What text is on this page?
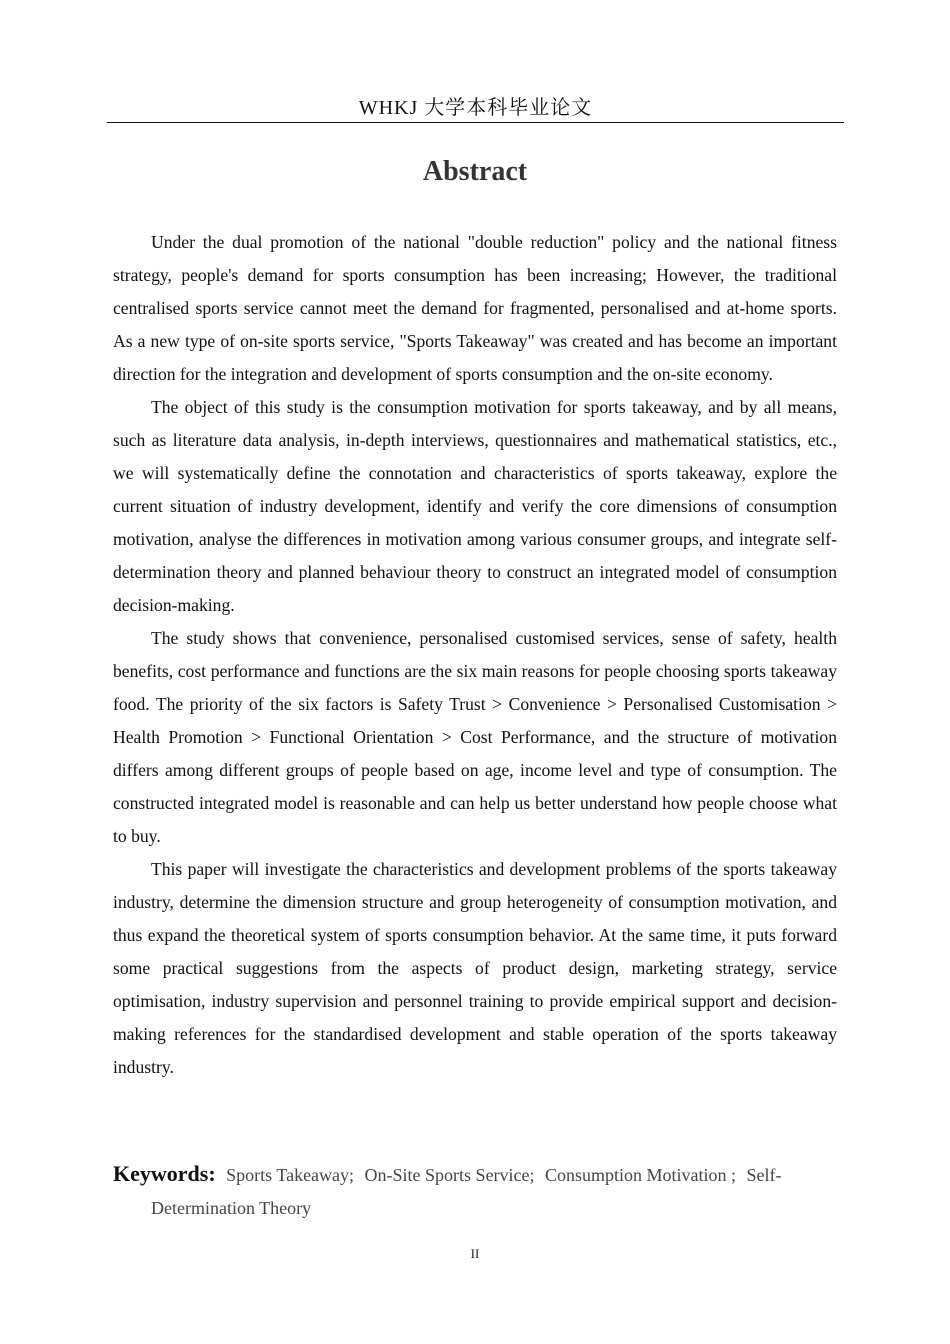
WHKJ 大学本科毕业论文
Abstract

Under the dual promotion of the national "double reduction" policy and the national fitness strategy, people's demand for sports consumption has been increasing; However, the traditional centralised sports service cannot meet the demand for fragmented, personalised and at-home sports. As a new type of on-site sports service, "Sports Takeaway" was created and has become an important direction for the integration and development of sports consumption and the on-site economy.

The object of this study is the consumption motivation for sports takeaway, and by all means, such as literature data analysis, in-depth interviews, questionnaires and mathematical statistics, etc., we will systematically define the connotation and characteristics of sports takeaway, explore the current situation of industry development, identify and verify the core dimensions of consumption motivation, analyse the differences in motivation among various consumer groups, and integrate self-determination theory and planned behaviour theory to construct an integrated model of consumption decision-making.

The study shows that convenience, personalised customised services, sense of safety, health benefits, cost performance and functions are the six main reasons for people choosing sports takeaway food. The priority of the six factors is Safety Trust > Convenience > Personalised Customisation > Health Promotion > Functional Orientation > Cost Performance, and the structure of motivation differs among different groups of people based on age, income level and type of consumption. The constructed integrated model is reasonable and can help us better understand how people choose what to buy.

This paper will investigate the characteristics and development problems of the sports takeaway industry, determine the dimension structure and group heterogeneity of consumption motivation, and thus expand the theoretical system of sports consumption behavior. At the same time, it puts forward some practical suggestions from the aspects of product design, marketing strategy, service optimisation, industry supervision and personnel training to provide empirical support and decision-making references for the standardised development and stable operation of the sports takeaway industry.

Keywords: Sports Takeaway; On-Site Sports Service; Consumption Motivation ; Self-Determination Theory
II
